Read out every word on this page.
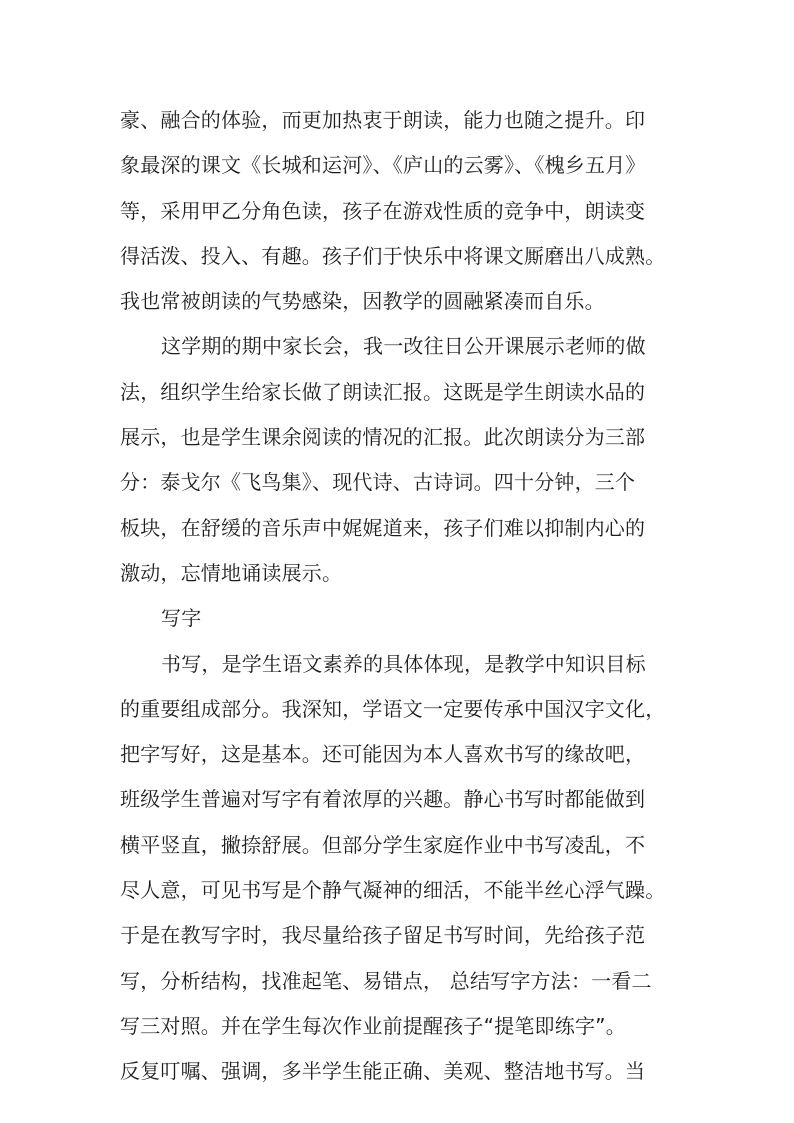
豪、融合的体验，而更加热衷于朗读，能力也随之提升。印
象最深的课文《长城和运河》、《庐山的云雾》、《槐乡五月》
等，采用甲乙分角色读，孩子在游戏性质的竞争中，朗读变
得活泼、投入、有趣。孩子们于快乐中将课文厮磨出八成熟。
我也常被朗读的气势感染，因教学的圆融紧凑而自乐。
这学期的期中家长会，我一改往日公开课展示老师的做
法，组织学生给家长做了朗读汇报。这既是学生朗读水品的
展示，也是学生课余阅读的情况的汇报。此次朗读分为三部
分：泰戈尔《飞鸟集》、现代诗、古诗词。四十分钟，三个
板块，在舒缓的音乐声中娓娓道来，孩子们难以抑制内心的
激动，忘情地诵读展示。
写字
书写，是学生语文素养的具体体现，是教学中知识目标
的重要组成部分。我深知，学语文一定要传承中国汉字文化，
把字写好，这是基本。还可能因为本人喜欢书写的缘故吧，
班级学生普遍对写字有着浓厚的兴趣。静心书写时都能做到
横平竖直，撇捺舒展。但部分学生家庭作业中书写凌乱，不
尽人意，可见书写是个静气凝神的细活，不能半丝心浮气躁。
于是在教写字时，我尽量给孩子留足书写时间，先给孩子范
写，分析结构，找准起笔、易错点， 总结写字方法：一看二
写三对照。并在学生每次作业前提醒孩子“提笔即练字”。
反复叮嘱、强调，多半学生能正确、美观、整洁地书写。当
